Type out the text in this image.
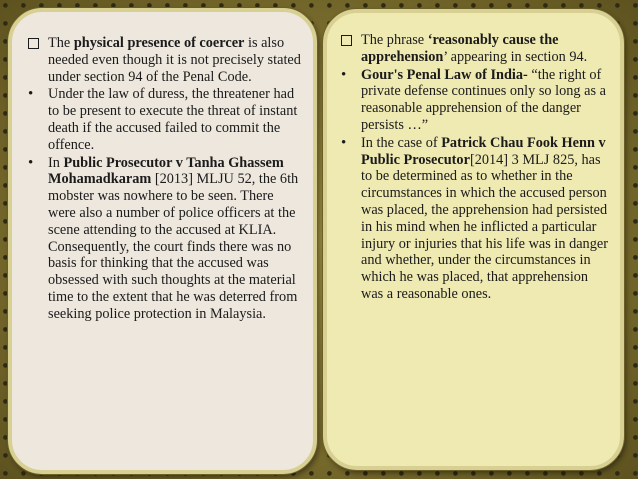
The physical presence of coercer is also needed even though it is not precisely stated under section 94 of the Penal Code.
•	Under the law of duress, the threatener had to be present to execute the threat of instant death if the accused failed to commit the offence.
•	In Public Prosecutor v Tanha Ghassem Mohamadkaram [2013] MLJU 52, the 6th mobster was nowhere to be seen. There were also a number of police officers at the scene attending to the accused at KLIA. Consequently, the court finds there was no basis for thinking that the accused was obsessed with such thoughts at the material time to the extent that he was deterred from seeking police protection in Malaysia.
The phrase ‘reasonably cause the apprehension’ appearing in section 94.
•	Gour's Penal Law of India- “the right of private defense continues only so long as a reasonable apprehension of the danger persists …”
•	In the case of Patrick Chau Fook Henn v Public Prosecutor[2014] 3 MLJ 825, has to be determined as to whether in the circumstances in which the accused person was placed, the apprehension had persisted in his mind when he inflicted a particular injury or injuries that his life was in danger and whether, under the circumstances in which he was placed, that apprehension was a reasonable ones.
